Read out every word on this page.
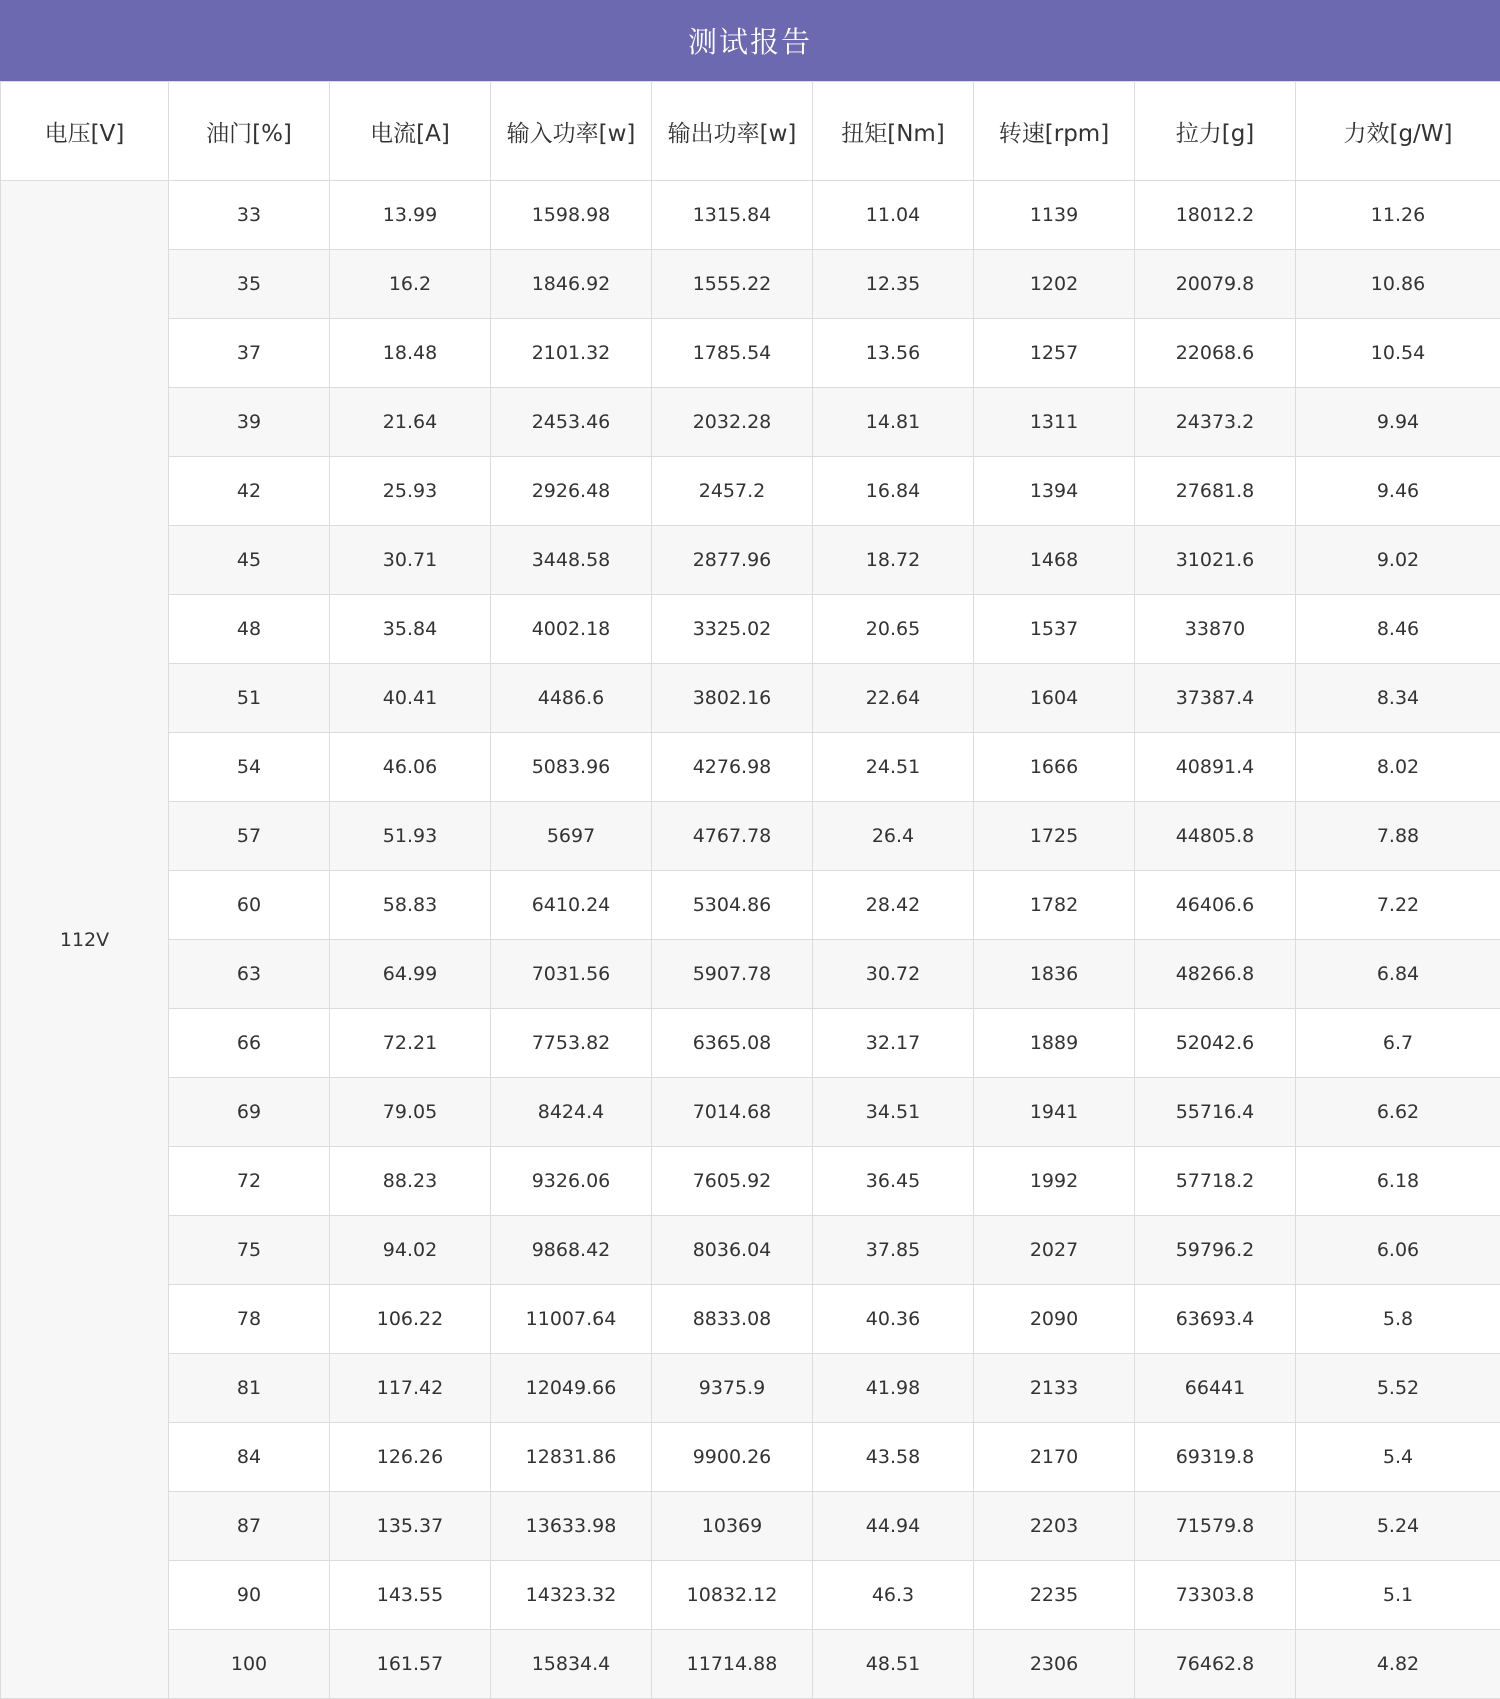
测试报告
电压[V]	油门[%]	电流[A]	输入功率[w]	输出功率[w]	扭矩[Nm]	转速[rpm]	拉力[g]	力效[g/W]
112V	33	13.99	1598.98	1315.84	11.04	1139	18012.2	11.26
	35	16.2	1846.92	1555.22	12.35	1202	20079.8	10.86
	37	18.48	2101.32	1785.54	13.56	1257	22068.6	10.54
	39	21.64	2453.46	2032.28	14.81	1311	24373.2	9.94
	42	25.93	2926.48	2457.2	16.84	1394	27681.8	9.46
	45	30.71	3448.58	2877.96	18.72	1468	31021.6	9.02
	48	35.84	4002.18	3325.02	20.65	1537	33870	8.46
	51	40.41	4486.6	3802.16	22.64	1604	37387.4	8.34
	54	46.06	5083.96	4276.98	24.51	1666	40891.4	8.02
	57	51.93	5697	4767.78	26.4	1725	44805.8	7.88
	60	58.83	6410.24	5304.86	28.42	1782	46406.6	7.22
	63	64.99	7031.56	5907.78	30.72	1836	48266.8	6.84
	66	72.21	7753.82	6365.08	32.17	1889	52042.6	6.7
	69	79.05	8424.4	7014.68	34.51	1941	55716.4	6.62
	72	88.23	9326.06	7605.92	36.45	1992	57718.2	6.18
	75	94.02	9868.42	8036.04	37.85	2027	59796.2	6.06
	78	106.22	11007.64	8833.08	40.36	2090	63693.4	5.8
	81	117.42	12049.66	9375.9	41.98	2133	66441	5.52
	84	126.26	12831.86	9900.26	43.58	2170	69319.8	5.4
	87	135.37	13633.98	10369	44.94	2203	71579.8	5.24
	90	143.55	14323.32	10832.12	46.3	2235	73303.8	5.1
	100	161.57	15834.4	11714.88	48.51	2306	76462.8	4.82
